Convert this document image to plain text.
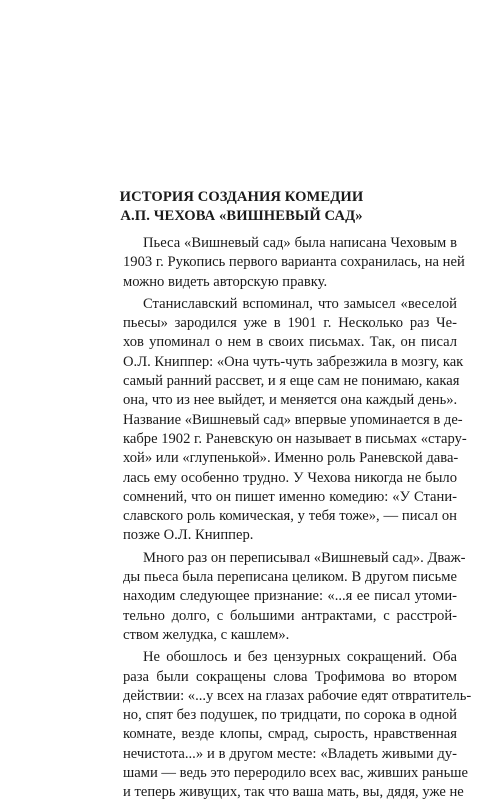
ИСТОРИЯ СОЗДАНИЯ КОМЕДИИ
А.П. ЧЕХОВА «ВИШНЕВЫЙ САД»
Пьеса «Вишневый сад» была написана Чеховым в
1903 г. Рукопись первого варианта сохранилась, на ней
можно видеть авторскую правку.
Станиславский вспоминал, что замысел «веселой
пьесы» зародился уже в 1901 г. Несколько раз Че-
хов упоминал о нем в своих письмах. Так, он писал
О.Л. Книппер: «Она чуть-чуть забрезжила в мозгу, как
самый ранний рассвет, и я еще сам не понимаю, какая
она, что из нее выйдет, и меняется она каждый день».
Название «Вишневый сад» впервые упоминается в де-
кабре 1902 г. Раневскую он называет в письмах «стару-
хой» или «глупенькой». Именно роль Раневской дава-
лась ему особенно трудно. У Чехова никогда не было
сомнений, что он пишет именно комедию: «У Стани-
славского роль комическая, у тебя тоже», — писал он
позже О.Л. Книппер.
Много раз он переписывал «Вишневый сад». Дваж-
ды пьеса была переписана целиком. В другом письме
находим следующее признание: «...я ее писал утоми-
тельно долго, с большими антрактами, с расстрой-
ством желудка, с кашлем».
Не обошлось и без цензурных сокращений. Оба
раза были сокращены слова Трофимова во втором
действии: «...у всех на глазах рабочие едят отвратитель-
но, спят без подушек, по тридцати, по сорока в одной
комнате, везде клопы, смрад, сырость, нравственная
нечистота...» и в другом месте: «Владеть живыми ду-
шами — ведь это переродило всех вас, живших раньше
и теперь живущих, так что ваша мать, вы, дядя, уже не
